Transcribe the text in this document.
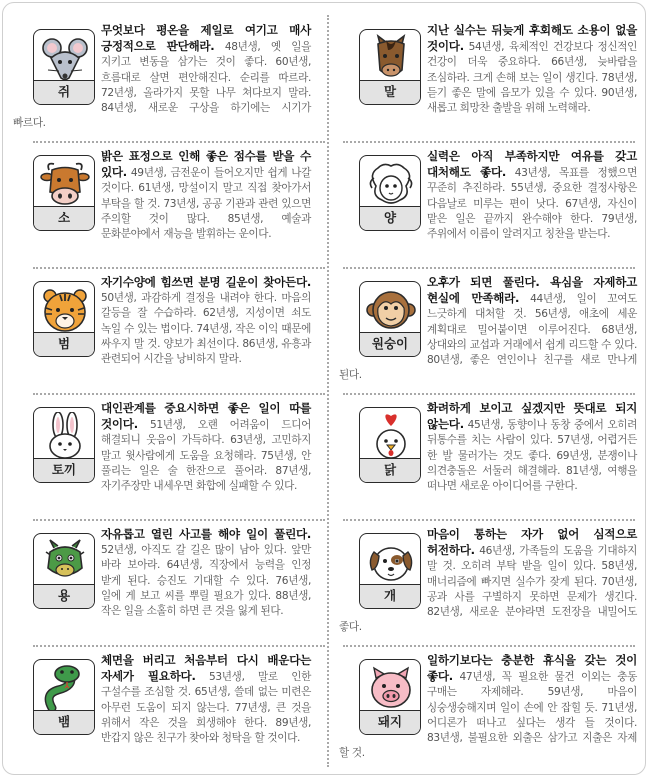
쥐

무엇보다 평온을 제일로 여기고 매사 긍정적으로 판단해라. 48년생, 옛 일을 지키고 변동을 삼가는 것이 좋다. 60년생, 흐름대로 살면 편안해진다. 순리를 따르라. 72년생, 올라가지 못할 나무 쳐다보지 말라. 84년생, 새로운 구상을 하기에는 시기가 빠르다.

소

밝은 표정으로 인해 좋은 점수를 받을 수 있다. 49년생, 금전운이 들어오지만 쉽게 나갈 것이다. 61년생, 망설이지 말고 직접 찾아가서 부탁을 할 것. 73년생, 공공 기관과 관련 있으면 주의할 것이 많다. 85년생, 예술과 문화분야에서 재능을 발휘하는 운이다.

범

자기수양에 힘쓰면 분명 길운이 찾아든다. 50년생, 과감하게 결정을 내려야 한다. 마음의 갈등을 잘 수습하라. 62년생, 지성이면 쇠도 녹일 수 있는 법이다. 74년생, 작은 이익 때문에 싸우지 말 것. 양보가 최선이다. 86년생, 유흥과 관련되어 시간을 낭비하지 말라.

토끼

대인관계를 중요시하면 좋은 일이 따를 것이다. 51년생, 오랜 어려움이 드디어 해결되니 웃음이 가득하다. 63년생, 고민하지 말고 윗사람에게 도움을 요청해라. 75년생, 안 풀리는 일은 술 한잔으로 풀어라. 87년생, 자기주장만 내세우면 화합에 실패할 수 있다.

용

자유롭고 열린 사고를 해야 일이 풀린다. 52년생, 아직도 갈 길은 많이 남아 있다. 앞만 바라 보아라. 64년생, 직장에서 능력을 인정 받게 된다. 승진도 기대할 수 있다. 76년생, 일에 게 보고 씨를 뿌릴 필요가 있다. 88년생, 작은 일을 소홀히 하면 큰 것을 잃게 된다.

뱀

체면을 버리고 처음부터 다시 배운다는 자세가 필요하다. 53년생, 말로 인한 구설수를 조심할 것. 65년생, 쓸데 없는 미련은 아무런 도움이 되지 않는다. 77년생, 큰 것을 위해서 작은 것을 희생해야 한다. 89년생, 반갑지 않은 친구가 찾아와 청탁을 할 것이다.

말

지난 실수는 뒤늦게 후회해도 소용이 없을 것이다. 54년생, 육체적인 건강보다 정신적인 건강이 더욱 중요하다. 66년생, 늦바람을 조심하라. 크게 손해 보는 일이 생긴다. 78년생, 듣기 좋은 말에 음모가 있을 수 있다. 90년생, 새롭고 희망찬 출발을 위해 노력해라.

양

실력은 아직 부족하지만 여유를 갖고 대처해도 좋다. 43년생, 목표를 정했으면 꾸준히 추진하라. 55년생, 중요한 결정사항은 다음날로 미루는 편이 낫다. 67년생, 자신이 맡은 일은 끝까지 완수해야 한다. 79년생, 주위에서 이름이 알려지고 칭찬을 받는다.

원숭이

오후가 되면 풀린다. 욕심을 자제하고 현실에 만족해라. 44년생, 일이 꼬여도 느긋하게 대처할 것. 56년생, 애초에 세운 계획대로 밀어붙이면 이루어진다. 68년생, 상대와의 교섭과 거래에서 쉽게 리드할 수 있다. 80년생, 좋은 연인이나 친구를 새로 만나게 된다.

닭

화려하게 보이고 싶겠지만 뜻대로 되지 않는다. 45년생, 동향이나 동창 중에서 오히려 뒤통수를 치는 사람이 있다. 57년생, 어렵거든 한 발 물러가는 것도 좋다. 69년생, 분쟁이나 의견충돌은 서둘러 해결해라. 81년생, 여행을 떠나면 새로운 아이디어를 구한다.

개

마음이 통하는 자가 없어 심적으로 허전하다. 46년생, 가족들의 도움을 기대하지 말 것. 오히려 부탁 받을 일이 있다. 58년생, 매너리즘에 빠지면 실수가 잦게 된다. 70년생, 공과 사를 구별하지 못하면 문제가 생긴다. 82년생, 새로운 분야라면 도전장을 내밀어도 좋다.

돼지

일하기보다는 충분한 휴식을 갖는 것이 좋다. 47년생, 꼭 필요한 물건 이외는 충동 구매는 자제해라. 59년생, 마음이 싱숭생숭해지며 일이 손에 안 잡힐 듯. 71년생, 어디론가 떠나고 싶다는 생각 들 것이다. 83년생, 불필요한 외출은 삼가고 지출은 자제 할 것.
